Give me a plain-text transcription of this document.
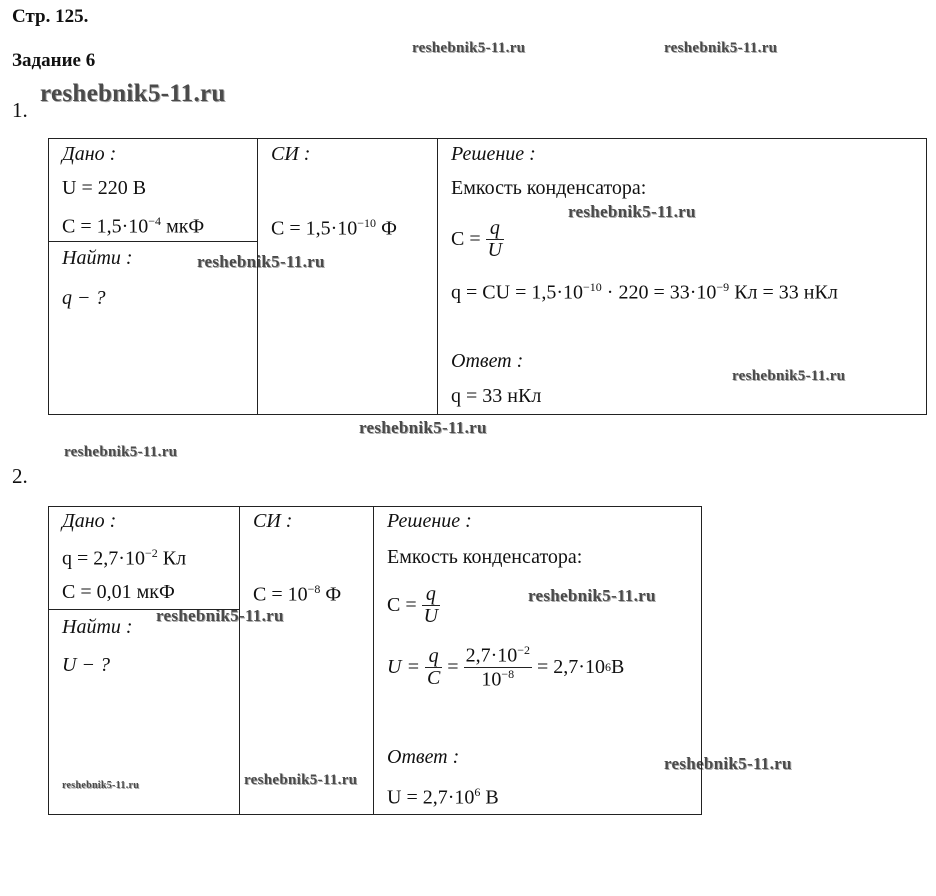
Стр. 125.
Задание 6
reshebnik5-11.ru	reshebnik5-11.ru
reshebnik5-11.ru
reshebnik5-11.ru
reshebnik5-11.ru
reshebnik5-11.ru
reshebnik5-11.ru
reshebnik5-11.ru
reshebnik5-11.ru
reshebnik5-11.ru
reshebnik5-11.ru
reshebnik5-11.ru
reshebnik5-11.ru
1.
Дано :
U = 220 В
$C = 1,5\cdot 10^{-4}$ мкФ
Найти :
q − ?
СИ :
$C = 1,5\cdot 10^{-10}$ Ф
Решение :
Емкость конденсатора:
C =
$\frac{q}{U}$
q = CU = $1,5\cdot 10^{-10} \cdot 220 = 33\cdot 10^{-9}$ Кл = 33 нКл
Ответ :
q = 33 нКл
2.
Дано :
$q = 2,7\cdot 10^{-2}$ Кл
C = 0,01 мкФ
Найти :
U − ?
СИ :
$C = 10^{-8}$ Ф
Решение :
Емкость конденсатора:
C =
$\frac{q}{U}$
U =
$\frac{q}{C}$
=
$\frac{2,7\cdot 10^{-2}}{10^{-8}}$
= 2,7·10 6 В
Ответ :
$U = 2,7\cdot 10^6$ В
